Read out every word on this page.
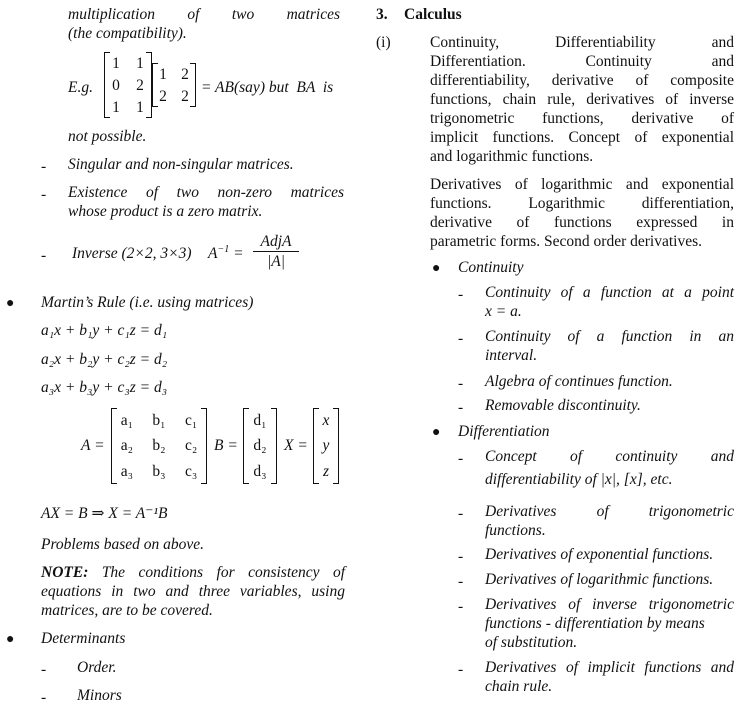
multiplication of two matrices
(the compatibility).
E.g.
1 1
0 2
1 1
1 2
2 2 = AB(say) but  BA  is
not possible.
- Singular and non-singular matrices.
- Existence of two non-zero matrices
whose product is a zero matrix.
- Inverse (2×2, 3×3) $A^{-1}$ =
AdjA
|A|
● Martin’s Rule (i.e. using matrices)
a₁x + b₁y + c₁z = d₁
a₂x + b₂y + c₂z = d₂
a₃x + b₃y + c₃z = d₃
A =
a₁ b₁ c₁
a₂ b₂ c₂
a₃ b₃ c₃
B =
d₁
d₂
d₃
X =
x
y
z
AX = B ⇒ X = A⁻¹B
Problems based on above.
NOTE: The conditions for consistency of
equations in two and three variables, using
matrices, are to be covered.
● Determinants
- Order.
- Minors
3. Calculus
(i)	Continuity,	Differentiability	and
Differentiation.	Continuity	and
differentiability, derivative of composite
functions, chain rule, derivatives of inverse
trigonometric functions, derivative of
implicit functions. Concept of exponential
and logarithmic functions.
Derivatives of logarithmic and exponential
functions. Logarithmic differentiation,
derivative of functions expressed in
parametric forms. Second order derivatives.
● Continuity
- Continuity of a function at a point
x = a.
- Continuity of a function in an
interval.
- Algebra of continues function.
- Removable discontinuity.
● Differentiation
- Concept of continuity and
differentiability of |x|, [x], etc.
- Derivatives of trigonometric
functions.
- Derivatives of exponential functions.
- Derivatives of logarithmic functions.
- Derivatives of inverse trigonometric
functions - differentiation by means
of substitution.
- Derivatives of implicit functions and
chain rule.
